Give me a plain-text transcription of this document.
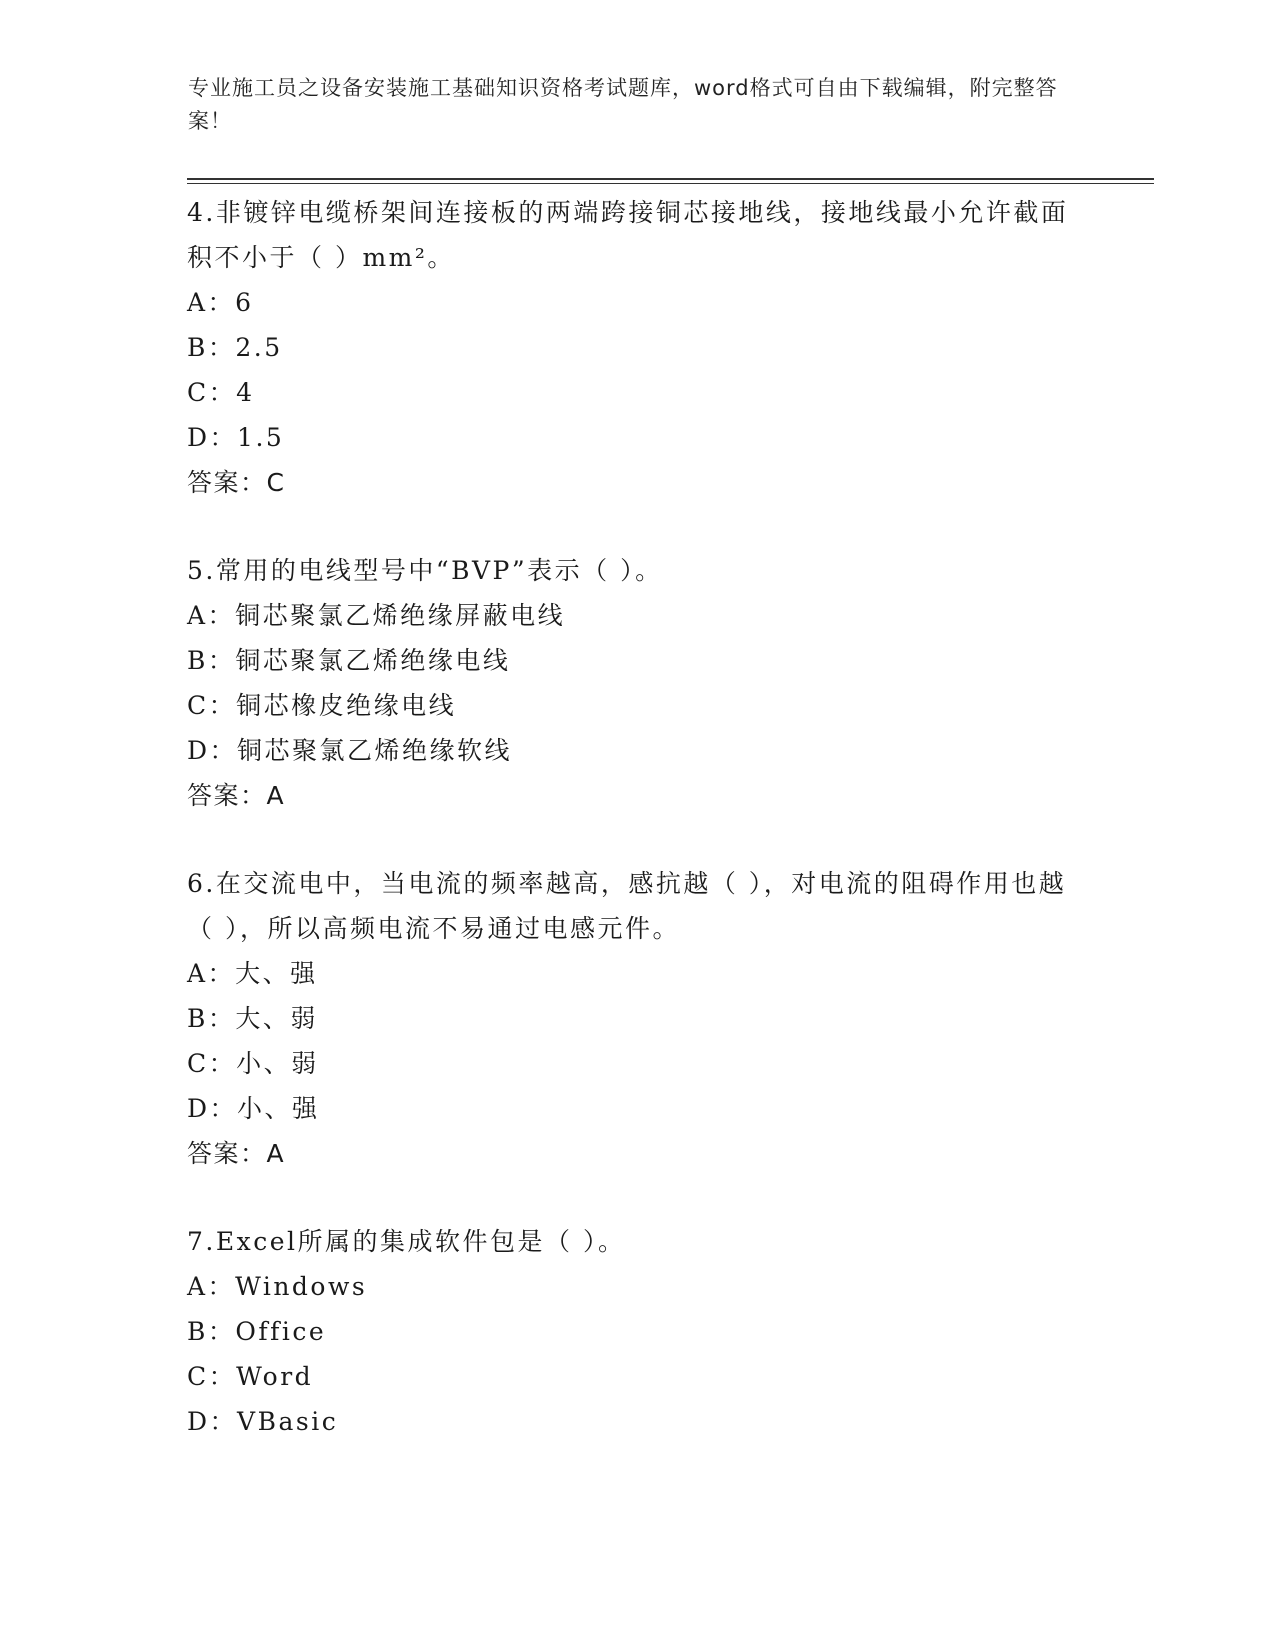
专业施工员之设备安装施工基础知识资格考试题库，word格式可自由下载编辑，附完整答案！

4.非镀锌电缆桥架间连接板的两端跨接铜芯接地线，接地线最小允许截面积不小于（ ）mm²。

A：6

B：2.5

C：4

D：1.5

答案：C

5.常用的电线型号中“BVP”表示（ ）。

A：铜芯聚氯乙烯绝缘屏蔽电线

B：铜芯聚氯乙烯绝缘电线

C：铜芯橡皮绝缘电线

D：铜芯聚氯乙烯绝缘软线

答案：A

6.在交流电中，当电流的频率越高，感抗越（ ），对电流的阻碍作用也越（ ），所以高频电流不易通过电感元件。

A：大、强

B：大、弱

C：小、弱

D：小、强

答案：A

7.Excel所属的集成软件包是（ ）。

A：Windows

B：Office

C：Word

D：VBasic
